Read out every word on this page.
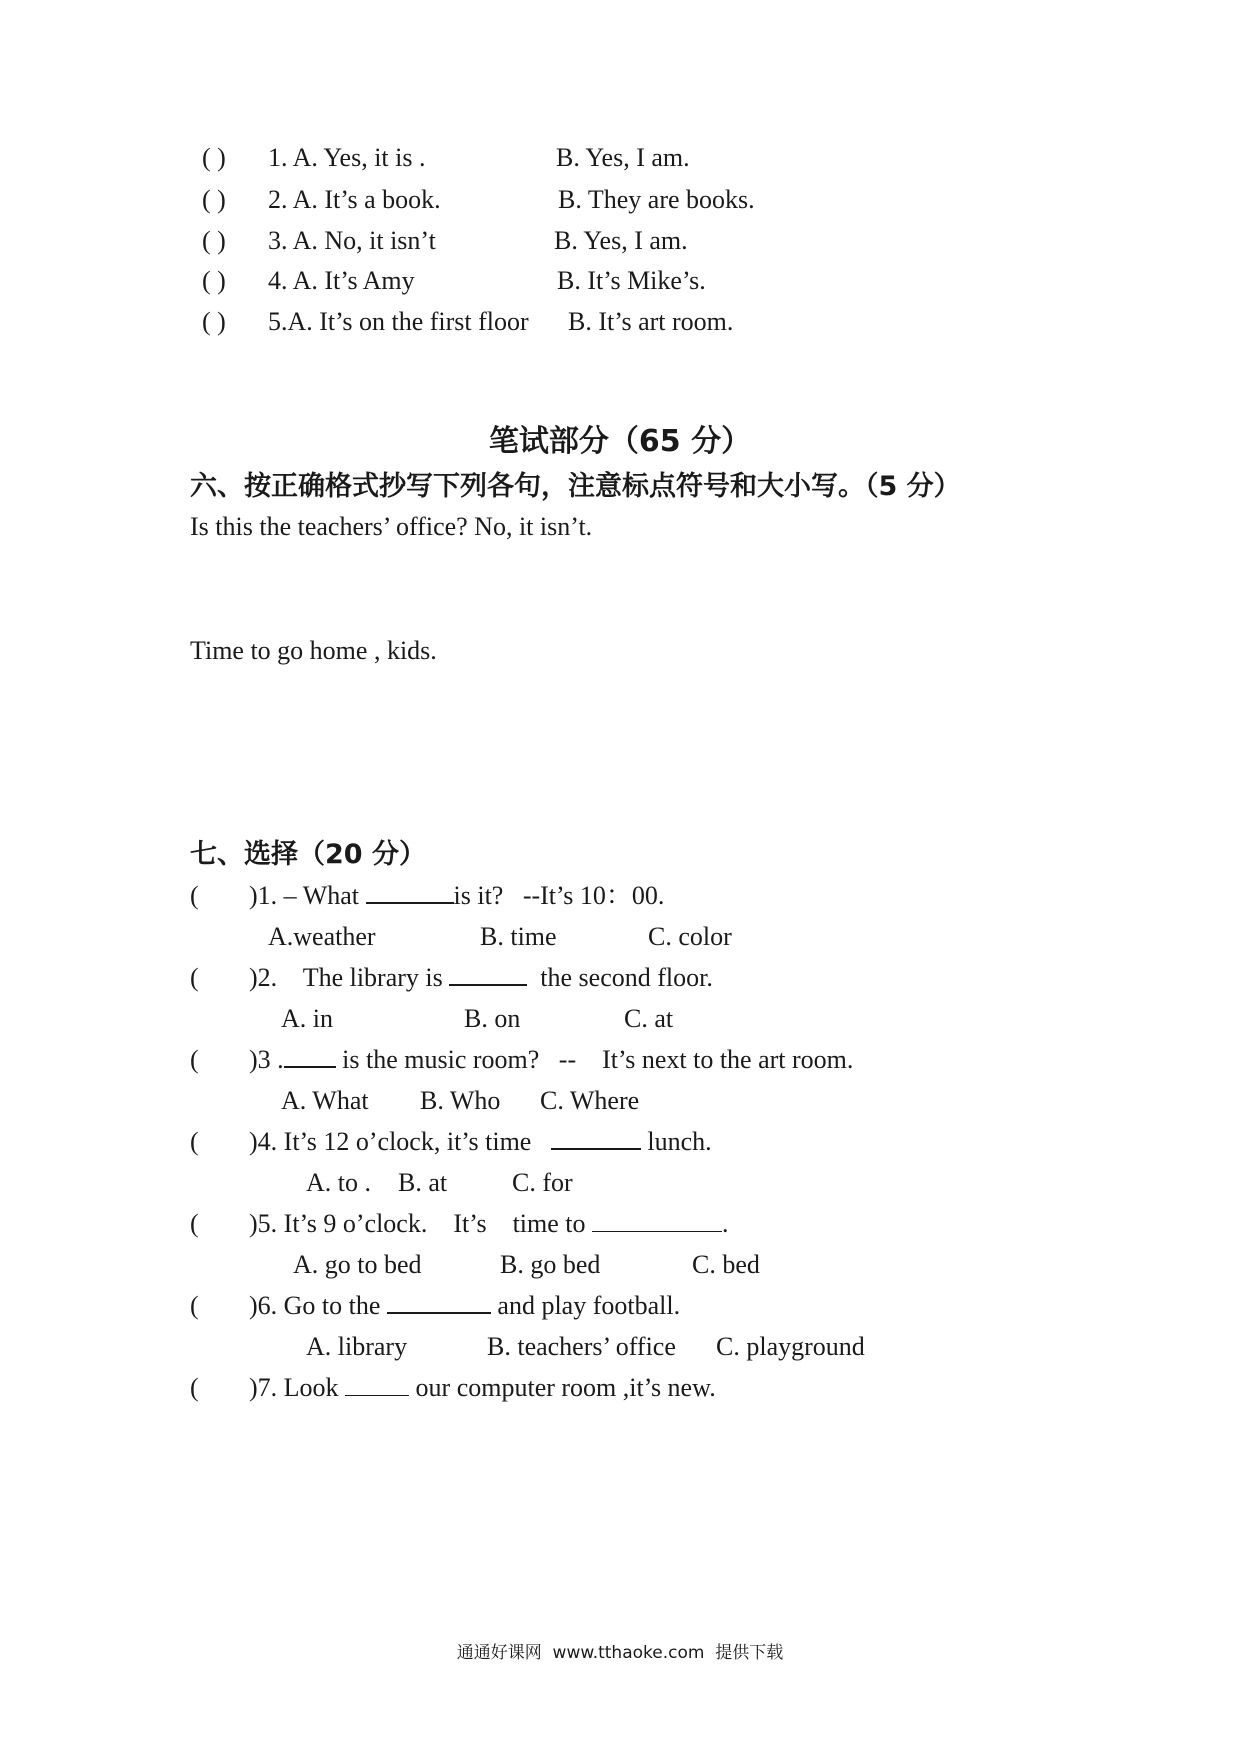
( ) 1. A. Yes, it is .	B. Yes, I am.
( ) 2. A. It’s a book.	B. They are books.
( ) 3. A. No, it isn’t	B. Yes, I am.
( ) 4. A. It’s Amy	B. It’s Mike’s.
( ) 5.A. It’s on the first floor B. It’s art room.
笔试部分（65 分）
六、按正确格式抄写下列各句，注意标点符号和大小写。（5 分）
Is this the teachers’ office? No, it isn’t.
Time to go home , kids.
七、选择（20 分）
( )1. – What	is it?   --It’s 10：00.
A.weather	B. time	C. color
( )2.    The library is	the second floor.
A. in	B. on	C. at
( )3 . is the music room?   --    It’s next to the art room.
A. What B. Who C. Where
( )4. It’s 12 o’clock, it’s time	lunch.
A. to . B. at C. for
( )5. It’s 9 o’clock.    It’s    time to	.
A. go to bed	B. go bed	C. bed
( )6. Go to the	and play football.
A. library	B. teachers’ office C. playground
( )7. Look  our computer room ,it’s new.
通通好课网  www.tthaoke.com  提供下载
